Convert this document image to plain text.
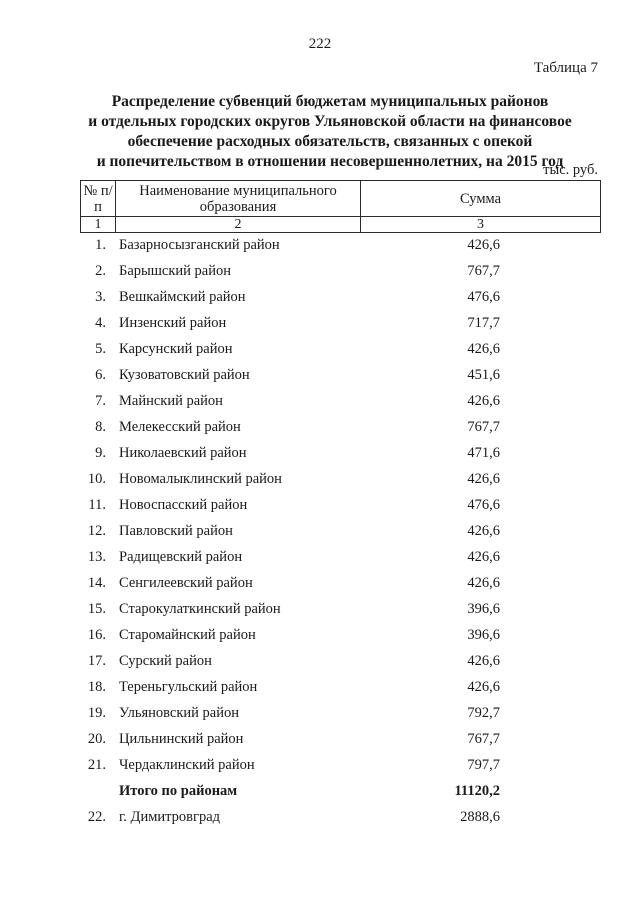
222
Таблица 7
Распределение субвенций бюджетам муниципальных районов
и отдельных городских округов Ульяновской области на финансовое
обеспечение расходных обязательств, связанных с опекой
и попечительством в отношении несовершеннолетних, на 2015 год
тыс. руб.
№ п/п	Наименование муниципального образования	Сумма
1	2	3
1. Базарносызганский район	426,6
2. Барышский район	767,7
3. Вешкаймский район	476,6
4. Инзенский район	717,7
5. Карсунский район	426,6
6. Кузоватовский район	451,6
7. Майнский район	426,6
8. Мелекесский район	767,7
9. Николаевский район	471,6
10. Новомалыклинский район	426,6
11. Новоспасский район	476,6
12. Павловский район	426,6
13. Радищевский район	426,6
14. Сенгилеевский район	426,6
15. Старокулаткинский район	396,6
16. Старомайнский район	396,6
17. Сурский район	426,6
18. Тереньгульский район	426,6
19. Ульяновский район	792,7
20. Цильнинский район	767,7
21. Чердаклинский район	797,7
Итого по районам	11120,2
22. г. Димитровград	2888,6
